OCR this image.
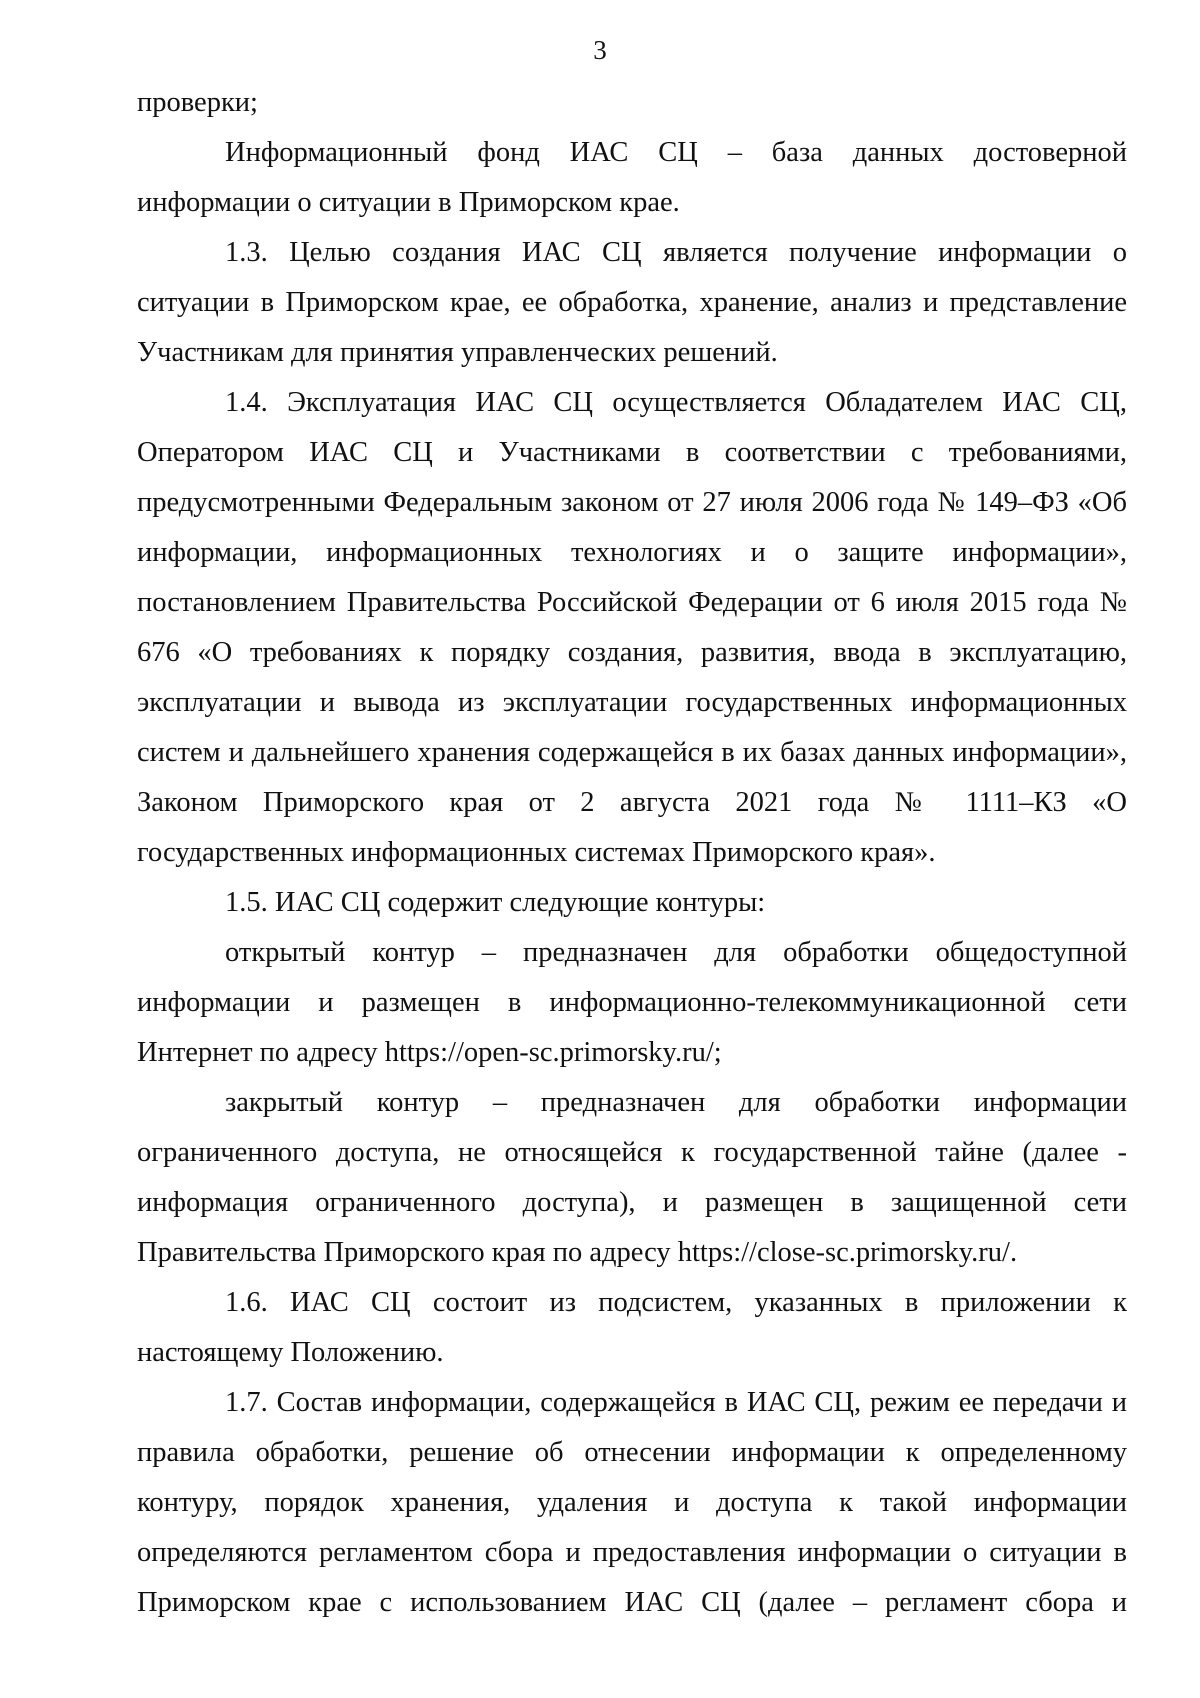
3

проверки;

Информационный фонд ИАС СЦ – база данных достоверной информации о ситуации в Приморском крае.

1.3. Целью создания ИАС СЦ является получение информации о ситуации в Приморском крае, ее обработка, хранение, анализ и представление Участникам для принятия управленческих решений.

1.4. Эксплуатация ИАС СЦ осуществляется Обладателем ИАС СЦ, Оператором ИАС СЦ и Участниками в соответствии с требованиями, предусмотренными Федеральным законом от 27 июля 2006 года № 149–ФЗ «Об информации, информационных технологиях и о защите информации», постановлением Правительства Российской Федерации от 6 июля 2015 года № 676 «О требованиях к порядку создания, развития, ввода в эксплуатацию, эксплуатации и вывода из эксплуатации государственных информационных систем и дальнейшего хранения содержащейся в их базах данных информации», Законом Приморского края от 2 августа 2021 года № 1111–КЗ «О государственных информационных системах Приморского края».

1.5. ИАС СЦ содержит следующие контуры:

открытый контур – предназначен для обработки общедоступной информации и размещен в информационно-телекоммуникационной сети Интернет по адресу https://open-sc.primorsky.ru/;

закрытый контур – предназначен для обработки информации ограниченного доступа, не относящейся к государственной тайне (далее - информация ограниченного доступа), и размещен в защищенной сети Правительства Приморского края по адресу https://close-sc.primorsky.ru/.

1.6. ИАС СЦ состоит из подсистем, указанных в приложении к настоящему Положению.

1.7. Состав информации, содержащейся в ИАС СЦ, режим ее передачи и правила обработки, решение об отнесении информации к определенному контуру, порядок хранения, удаления и доступа к такой информации определяются регламентом сбора и предоставления информации о ситуации в Приморском крае с использованием ИАС СЦ (далее – регламент сбора и
